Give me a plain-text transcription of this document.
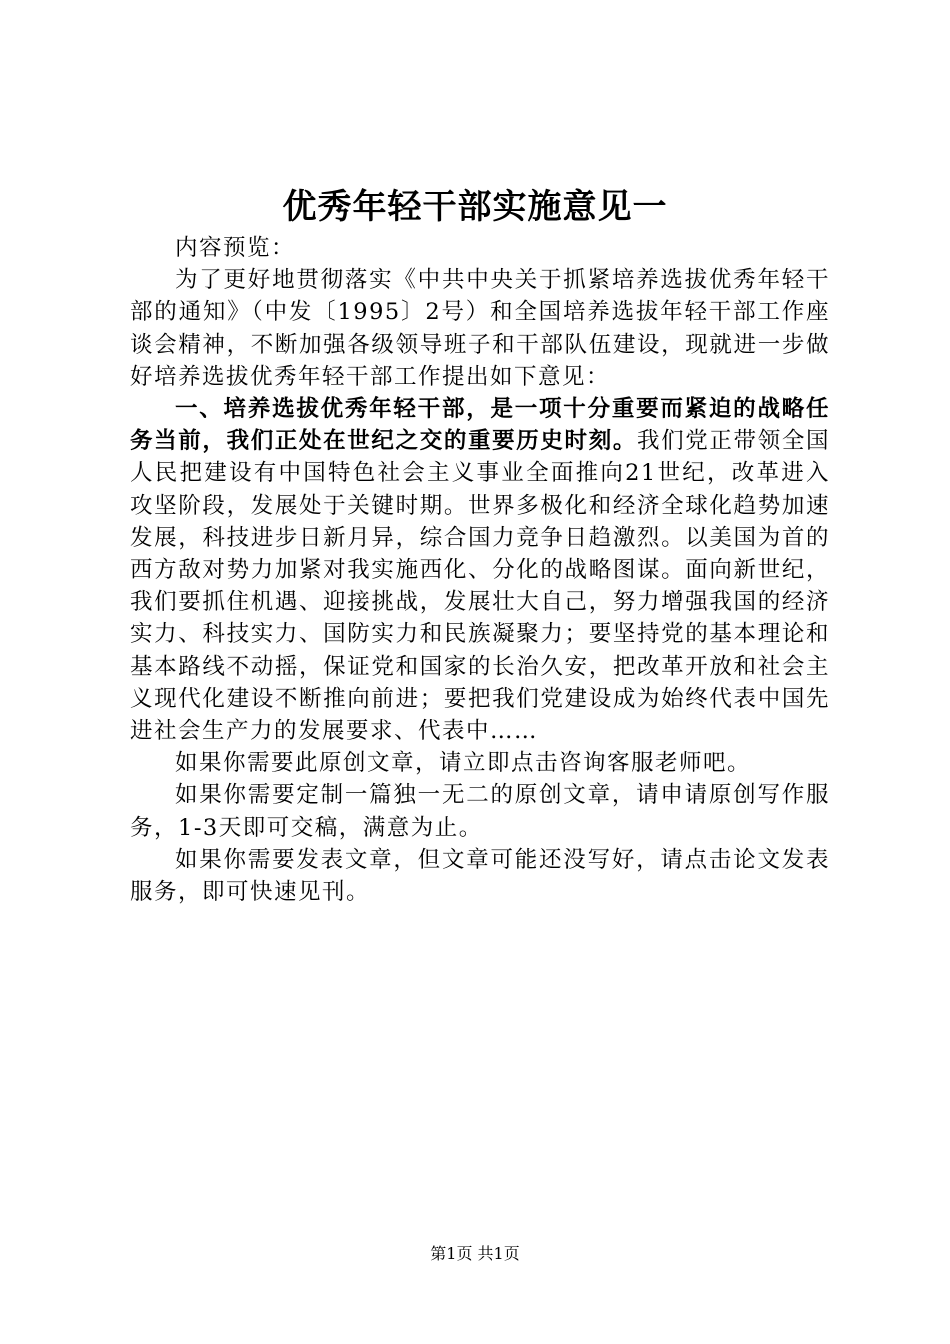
优秀年轻干部实施意见一

内容预览：

为了更好地贯彻落实《中共中央关于抓紧培养选拔优秀年轻干部的通知》（中发〔1995〕2号）和全国培养选拔年轻干部工作座谈会精神，不断加强各级领导班子和干部队伍建设，现就进一步做好培养选拔优秀年轻干部工作提出如下意见：

一、培养选拔优秀年轻干部，是一项十分重要而紧迫的战略任务当前，我们正处在世纪之交的重要历史时刻。我们党正带领全国人民把建设有中国特色社会主义事业全面推向21世纪，改革进入攻坚阶段，发展处于关键时期。世界多极化和经济全球化趋势加速发展，科技进步日新月异，综合国力竞争日趋激烈。以美国为首的西方敌对势力加紧对我实施西化、分化的战略图谋。面向新世纪，我们要抓住机遇、迎接挑战，发展壮大自己，努力增强我国的经济实力、科技实力、国防实力和民族凝聚力；要坚持党的基本理论和基本路线不动摇，保证党和国家的长治久安，把改革开放和社会主义现代化建设不断推向前进；要把我们党建设成为始终代表中国先进社会生产力的发展要求、代表中……

如果你需要此原创文章，请立即点击咨询客服老师吧。

如果你需要定制一篇独一无二的原创文章，请申请原创写作服务，1-3天即可交稿，满意为止。

如果你需要发表文章，但文章可能还没写好，请点击论文发表服务，即可快速见刊。

第1页 共1页
